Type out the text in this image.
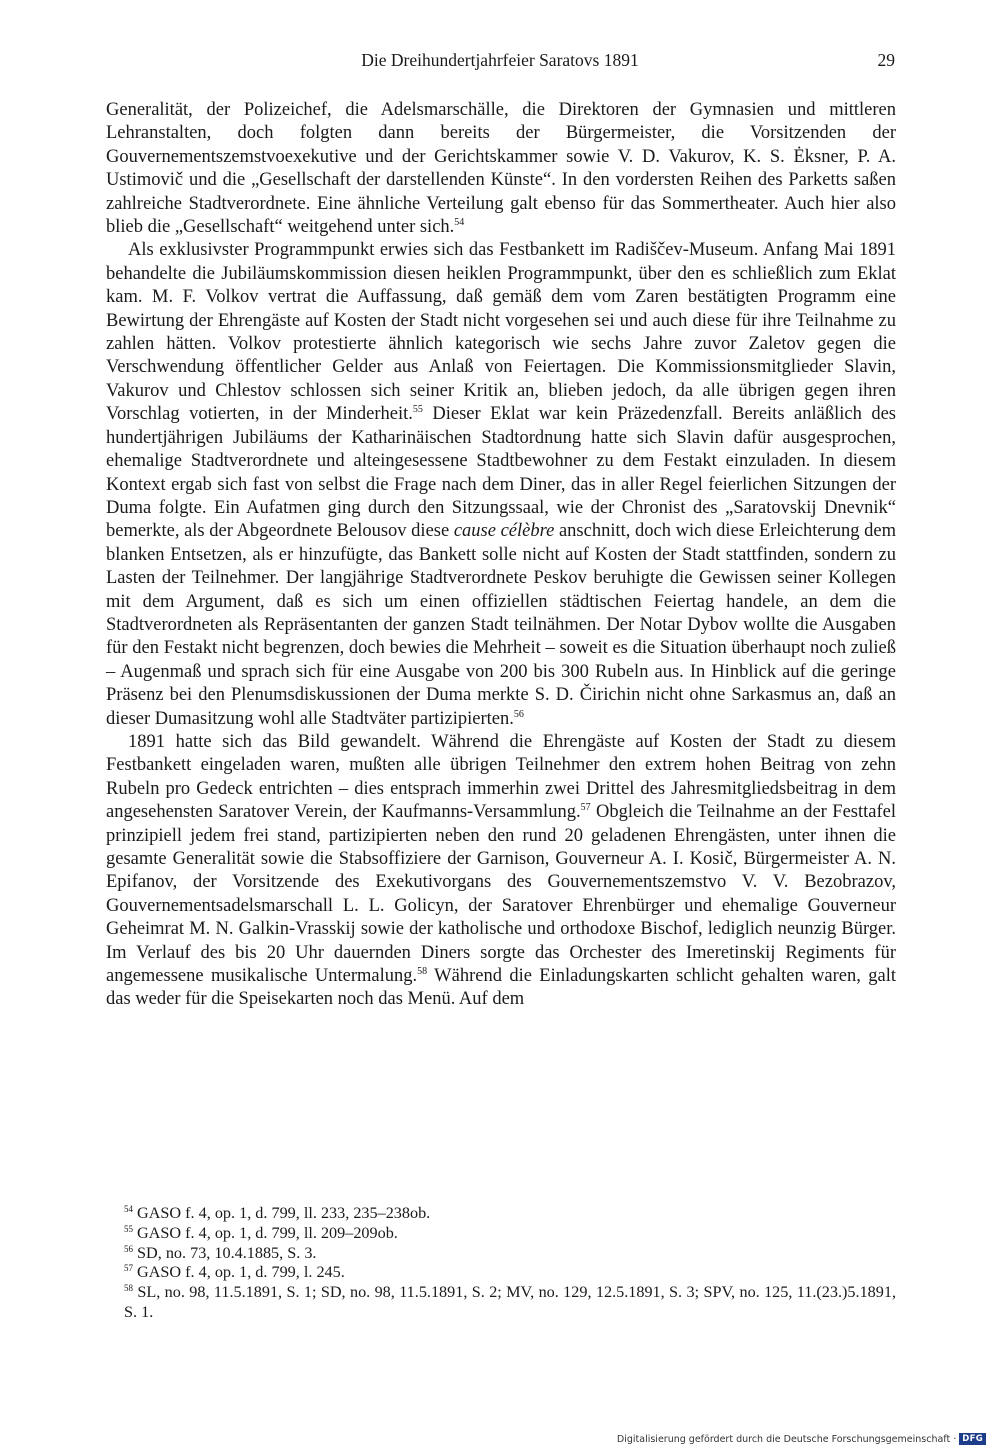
Die Dreihundertjahrfeier Saratovs 1891	29

Generalität, der Polizeichef, die Adelsmarschälle, die Direktoren der Gymnasien und mittleren Lehranstalten, doch folgten dann bereits der Bürgermeister, die Vorsitzenden der Gouvernementszemstvoexekutive und der Gerichtskammer sowie V. D. Vakurov, K. S. Ėksner, P. A. Ustimovič und die „Gesellschaft der darstellenden Künste“. In den vordersten Reihen des Parketts saßen zahlreiche Stadtverordnete. Eine ähnliche Verteilung galt ebenso für das Sommertheater. Auch hier also blieb die „Gesellschaft“ weitgehend unter sich.$^{54}$

Als exklusivster Programmpunkt erwies sich das Festbankett im Radiščev-Museum. Anfang Mai 1891 behandelte die Jubiläumskommission diesen heiklen Programmpunkt, über den es schließlich zum Eklat kam. M. F. Volkov vertrat die Auffassung, daß gemäß dem vom Zaren bestätigten Programm eine Bewirtung der Ehrengäste auf Kosten der Stadt nicht vorgesehen sei und auch diese für ihre Teilnahme zu zahlen hätten. Volkov protestierte ähnlich kategorisch wie sechs Jahre zuvor Zaletov gegen die Verschwendung öffentlicher Gelder aus Anlaß von Feiertagen. Die Kommissionsmitglieder Slavin, Vakurov und Chlestov schlossen sich seiner Kritik an, blieben jedoch, da alle übrigen gegen ihren Vorschlag votierten, in der Minderheit.$^{55}$ Dieser Eklat war kein Präzedenzfall. Bereits anläßlich des hundertjährigen Jubiläums der Katharinäischen Stadtordnung hatte sich Slavin dafür ausgesprochen, ehemalige Stadtverordnete und alteingesessene Stadtbewohner zu dem Festakt einzuladen. In diesem Kontext ergab sich fast von selbst die Frage nach dem Diner, das in aller Regel feierlichen Sitzungen der Duma folgte. Ein Aufatmen ging durch den Sitzungssaal, wie der Chronist des „Saratovskij Dnevnik“ bemerkte, als der Abgeordnete Belousov diese cause célèbre anschnitt, doch wich diese Erleichterung dem blanken Entsetzen, als er hinzufügte, das Bankett solle nicht auf Kosten der Stadt stattfinden, sondern zu Lasten der Teilnehmer. Der langjährige Stadtverordnete Peskov beruhigte die Gewissen seiner Kollegen mit dem Argument, daß es sich um einen offiziellen städtischen Feiertag handele, an dem die Stadtverordneten als Repräsentanten der ganzen Stadt teilnähmen. Der Notar Dybov wollte die Ausgaben für den Festakt nicht begrenzen, doch bewies die Mehrheit – soweit es die Situation überhaupt noch zuließ – Augenmaß und sprach sich für eine Ausgabe von 200 bis 300 Rubeln aus. In Hinblick auf die geringe Präsenz bei den Plenumsdiskussionen der Duma merkte S. D. Čirichin nicht ohne Sarkasmus an, daß an dieser Dumasitzung wohl alle Stadtväter partizipierten.$^{56}$

1891 hatte sich das Bild gewandelt. Während die Ehrengäste auf Kosten der Stadt zu diesem Festbankett eingeladen waren, mußten alle übrigen Teilnehmer den extrem hohen Beitrag von zehn Rubeln pro Gedeck entrichten – dies entsprach immerhin zwei Drittel des Jahresmitgliedsbeitrag in dem angesehensten Saratover Verein, der Kaufmanns-Versammlung.$^{57}$ Obgleich die Teilnahme an der Festtafel prinzipiell jedem frei stand, partizipierten neben den rund 20 geladenen Ehrengästen, unter ihnen die gesamte Generalität sowie die Stabsoffiziere der Garnison, Gouverneur A. I. Kosič, Bürgermeister A. N. Epifanov, der Vorsitzende des Exekutivorgans des Gouvernementszemstvo V. V. Bezobrazov, Gouvernementsadelsmarschall L. L. Golicyn, der Saratover Ehrenbürger und ehemalige Gouverneur Geheimrat M. N. Galkin-Vrasskij sowie der katholische und orthodoxe Bischof, lediglich neunzig Bürger. Im Verlauf des bis 20 Uhr dauernden Diners sorgte das Orchester des Imeretinskij Regiments für angemessene musikalische Untermalung.$^{58}$ Während die Einladungskarten schlicht gehalten waren, galt das weder für die Speisekarten noch das Menü. Auf dem

$^{54}$ GASO f. 4, op. 1, d. 799, ll. 233, 235–238ob.
$^{55}$ GASO f. 4, op. 1, d. 799, ll. 209–209ob.
$^{56}$ SD, no. 73, 10.4.1885, S. 3.
$^{57}$ GASO f. 4, op. 1, d. 799, l. 245.
$^{58}$ SL, no. 98, 11.5.1891, S. 1; SD, no. 98, 11.5.1891, S. 2; MV, no. 129, 12.5.1891, S. 3; SPV, no. 125, 11.(23.)5.1891, S. 1.
Digitalisierung gefördert durch die Deutsche Forschungsgemeinschaft · DFG
